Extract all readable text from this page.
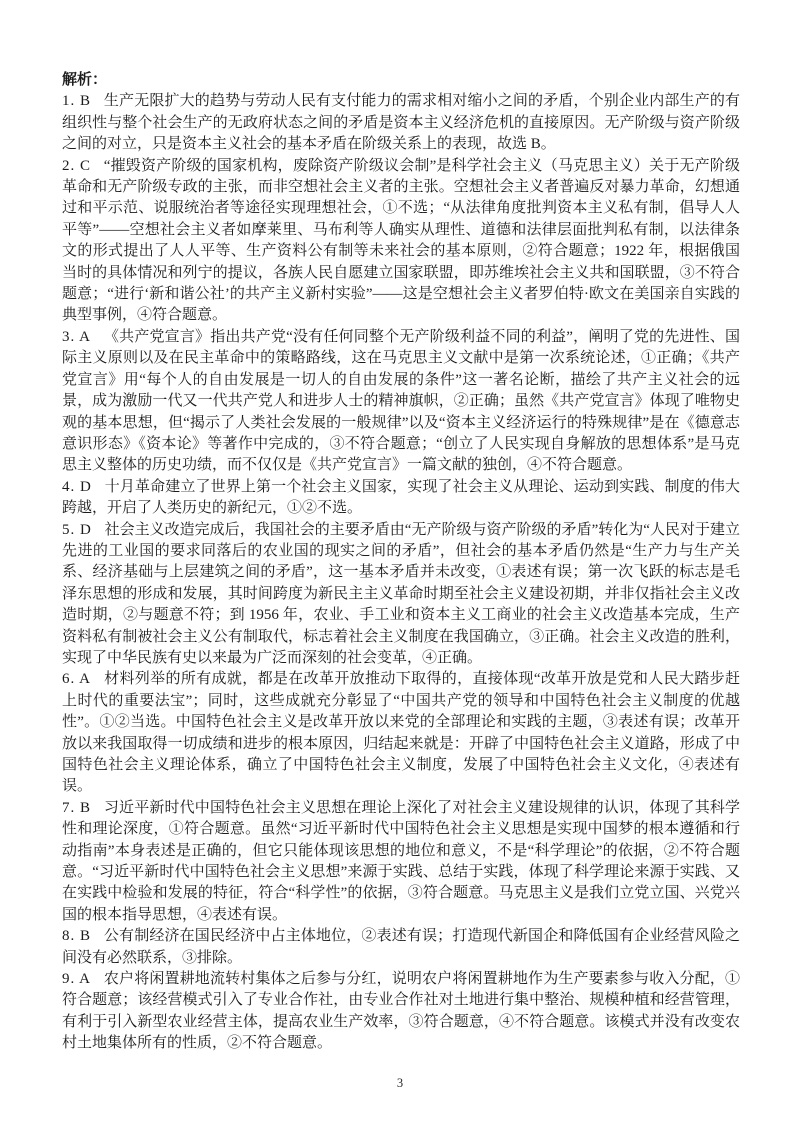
解析：

1. B 生产无限扩大的趋势与劳动人民有支付能力的需求相对缩小之间的矛盾，个别企业内部生产的有组织性与整个社会生产的无政府状态之间的矛盾是资本主义经济危机的直接原因。无产阶级与资产阶级之间的对立，只是资本主义社会的基本矛盾在阶级关系上的表现，故选 B。

2. C “摧毁资产阶级的国家机构，废除资产阶级议会制”是科学社会主义（马克思主义）关于无产阶级革命和无产阶级专政的主张，而非空想社会主义者的主张。空想社会主义者普遍反对暴力革命，幻想通过和平示范、说服统治者等途径实现理想社会，①不选；“从法律角度批判资本主义私有制，倡导人人平等”——空想社会主义者如摩莱里、马布利等人确实从理性、道德和法律层面批判私有制，以法律条文的形式提出了人人平等、生产资料公有制等未来社会的基本原则，②符合题意；1922 年，根据俄国当时的具体情况和列宁的提议，各族人民自愿建立国家联盟，即苏维埃社会主义共和国联盟，③不符合题意；“进行‘新和谐公社’的共产主义新村实验”——这是空想社会主义者罗伯特·欧文在美国亲自实践的典型事例，④符合题意。

3. A 《共产党宣言》指出共产党“没有任何同整个无产阶级利益不同的利益”，阐明了党的先进性、国际主义原则以及在民主革命中的策略路线，这在马克思主义文献中是第一次系统论述，①正确；《共产党宣言》用“每个人的自由发展是一切人的自由发展的条件”这一著名论断，描绘了共产主义社会的远景，成为激励一代又一代共产党人和进步人士的精神旗帜，②正确；虽然《共产党宣言》体现了唯物史观的基本思想，但“揭示了人类社会发展的一般规律”以及“资本主义经济运行的特殊规律”是在《德意志意识形态》《资本论》等著作中完成的，③不符合题意；“创立了人民实现自身解放的思想体系”是马克思主义整体的历史功绩，而不仅仅是《共产党宣言》一篇文献的独创，④不符合题意。

4. D 十月革命建立了世界上第一个社会主义国家，实现了社会主义从理论、运动到实践、制度的伟大跨越，开启了人类历史的新纪元，①②不选。

5. D 社会主义改造完成后，我国社会的主要矛盾由“无产阶级与资产阶级的矛盾”转化为“人民对于建立先进的工业国的要求同落后的农业国的现实之间的矛盾”，但社会的基本矛盾仍然是“生产力与生产关系、经济基础与上层建筑之间的矛盾”，这一基本矛盾并未改变，①表述有误；第一次飞跃的标志是毛泽东思想的形成和发展，其时间跨度为新民主主义革命时期至社会主义建设初期，并非仅指社会主义改造时期，②与题意不符；到 1956 年，农业、手工业和资本主义工商业的社会主义改造基本完成，生产资料私有制被社会主义公有制取代，标志着社会主义制度在我国确立，③正确。社会主义改造的胜利，实现了中华民族有史以来最为广泛而深刻的社会变革，④正确。

6. A 材料列举的所有成就，都是在改革开放推动下取得的，直接体现“改革开放是党和人民大踏步赶上时代的重要法宝”；同时，这些成就充分彰显了“中国共产党的领导和中国特色社会主义制度的优越性”。①②当选。中国特色社会主义是改革开放以来党的全部理论和实践的主题，③表述有误；改革开放以来我国取得一切成绩和进步的根本原因，归结起来就是：开辟了中国特色社会主义道路，形成了中国特色社会主义理论体系，确立了中国特色社会主义制度，发展了中国特色社会主义文化，④表述有误。

7. B 习近平新时代中国特色社会主义思想在理论上深化了对社会主义建设规律的认识，体现了其科学性和理论深度，①符合题意。虽然“习近平新时代中国特色社会主义思想是实现中国梦的根本遵循和行动指南”本身表述是正确的，但它只能体现该思想的地位和意义，不是“科学理论”的依据，②不符合题意。“习近平新时代中国特色社会主义思想”来源于实践、总结于实践，体现了科学理论来源于实践、又在实践中检验和发展的特征，符合“科学性”的依据，③符合题意。马克思主义是我们立党立国、兴党兴国的根本指导思想，④表述有误。

8. B 公有制经济在国民经济中占主体地位，②表述有误；打造现代新国企和降低国有企业经营风险之间没有必然联系，③排除。

9. A 农户将闲置耕地流转村集体之后参与分红，说明农户将闲置耕地作为生产要素参与收入分配，①符合题意；该经营模式引入了专业合作社，由专业合作社对土地进行集中整治、规模种植和经营管理，有利于引入新型农业经营主体，提高农业生产效率，③符合题意，④不符合题意。该模式并没有改变农村土地集体所有的性质，②不符合题意。

3
